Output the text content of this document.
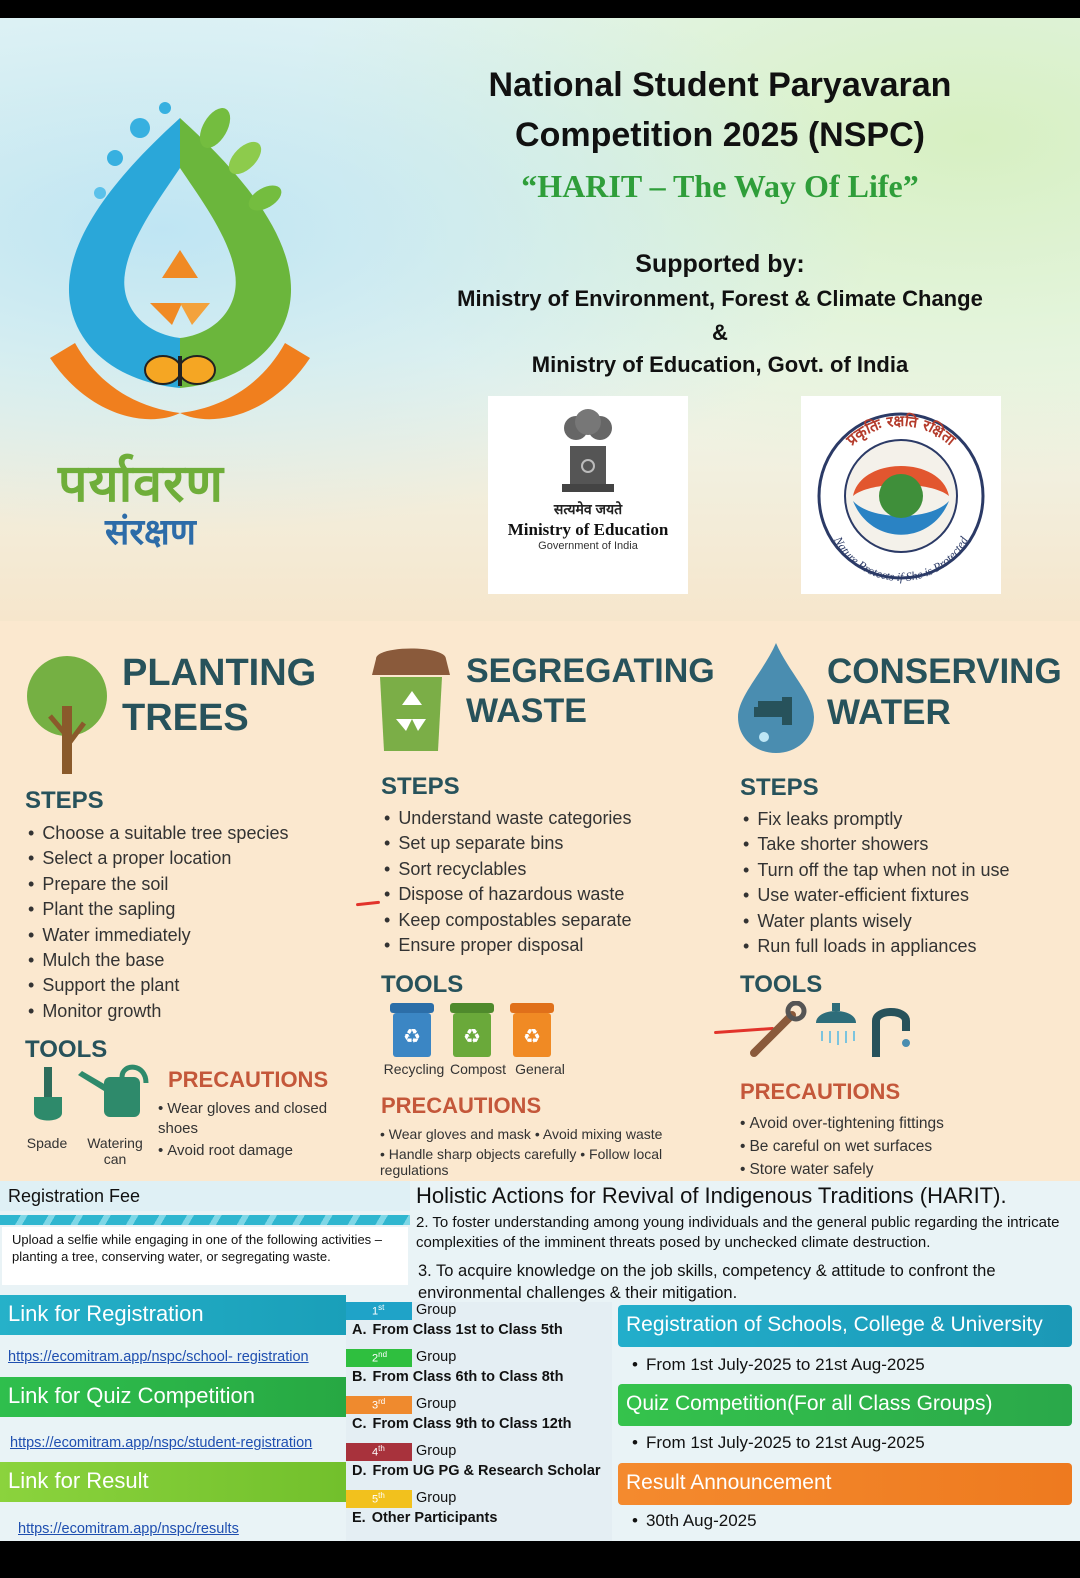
पर्यावरण
संरक्षण
National Student Paryavaran
Competition 2025 (NSPC)
“HARIT – The Way Of Life”
Supported by:
Ministry of Environment, Forest & Climate Change
&
Ministry of Education, Govt. of India
सत्यमेव जयते
Ministry of Education
Government of India
प्रकृतिः रक्षति रक्षिता
Nature Protects if She is Protected
PLANTING
TREES
STEPS
• Choose a suitable tree species
• Select a proper location
• Prepare the soil
• Plant the sapling
• Water immediately
• Mulch the base
• Support the plant
• Monitor growth
TOOLS
Spade	Watering can
PRECAUTIONS
• Wear gloves and closed shoes
• Avoid root damage
SEGREGATING
WASTE
STEPS
• Understand waste categories
• Set up separate bins
• Sort recyclables
• Dispose of hazardous waste
• Keep compostables separate
• Ensure proper disposal
TOOLS
♻ ♻ ♻
Recycling Compost General
PRECAUTIONS
• Wear gloves and mask • Avoid mixing waste
• Handle sharp objects carefully • Follow local regulations
CONSERVING
WATER
STEPS
• Fix leaks promptly
• Take shorter showers
• Turn off the tap when not in use
• Use water-efficient fixtures
• Water plants wisely
• Run full loads in appliances
TOOLS
PRECAUTIONS
• Avoid over-tightening fittings
• Be careful on wet surfaces
• Store water safely
Registration Fee
Upload a selfie while engaging in one of the following activities – planting a tree, conserving water, or segregating waste.
Holistic Actions for Revival of Indigenous Traditions (HARIT).
2. To foster understanding among young individuals and the general public regarding the intricate complexities of the imminent threats posed by unchecked climate destruction.
3. To acquire knowledge on the job skills, competency & attitude to confront the environmental challenges & their mitigation.
Link for Registration
https://ecomitram.app/nspc/school- registration
Link for Quiz Competition
https://ecomitram.app/nspc/student-registration
Link for Result
https://ecomitram.app/nspc/results
1st	Group
A. From Class 1st to Class 5th
2nd	Group
B. From Class 6th to Class 8th
3rd	Group
C. From Class 9th to Class 12th
4th	Group
D. From UG PG & Research Scholar
5th	Group
E. Other Participants
Registration of Schools, College & University
• From 1st July-2025 to 21st Aug-2025
Quiz Competition(For all Class Groups)
• From 1st July-2025 to 21st Aug-2025
Result Announcement
• 30th Aug-2025
